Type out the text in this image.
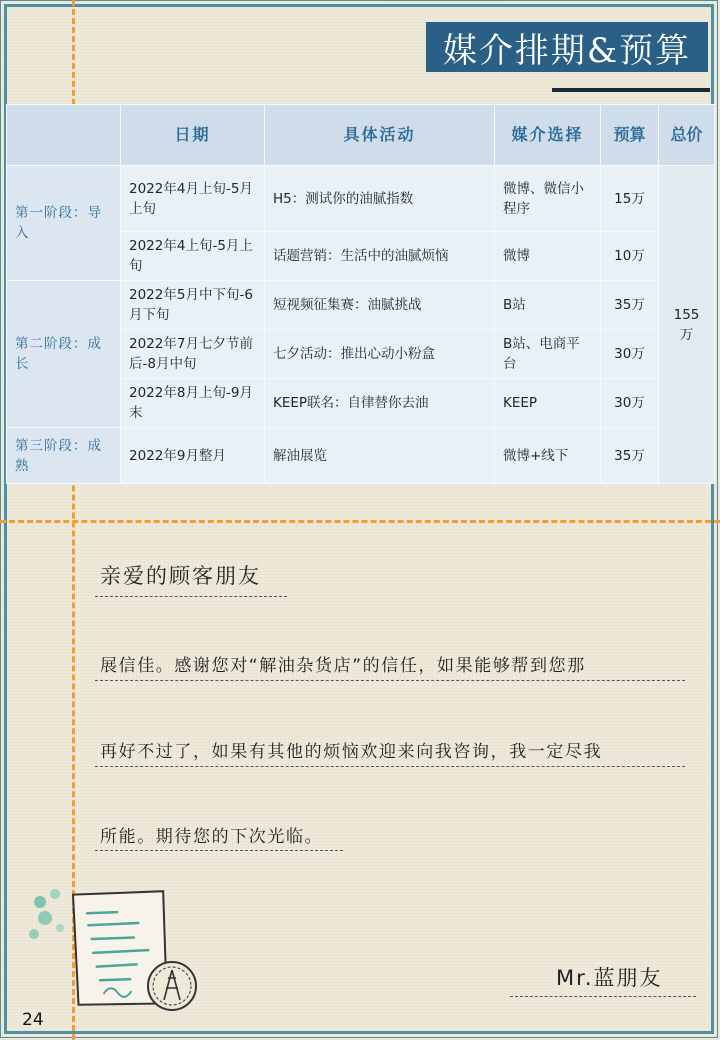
媒介排期&预算
	日期	具体活动	媒介选择	预算	总价
第一阶段：导入	2022年4月上旬-5月上旬	H5：测试你的油腻指数	微博、微信小程序	15万	155万
	2022年4上旬-5月上旬	话题营销：生活中的油腻烦恼	微博	10万	
第二阶段：成长	2022年5月中下旬-6月下旬	短视频征集赛：油腻挑战	B站	35万	
	2022年7月七夕节前后-8月中旬	七夕活动：推出心动小粉盒	B站、电商平台	30万	
	2022年8月上旬-9月末	KEEP联名：自律替你去油	KEEP	30万	
第三阶段：成熟	2022年9月整月	解油展览	微博+线下	35万	
亲爱的顾客朋友
展信佳。感谢您对“解油杂货店”的信任，如果能够帮到您那
再好不过了，如果有其他的烦恼欢迎来向我咨询，我一定尽我
所能。期待您的下次光临。
Mr.蓝朋友
24
